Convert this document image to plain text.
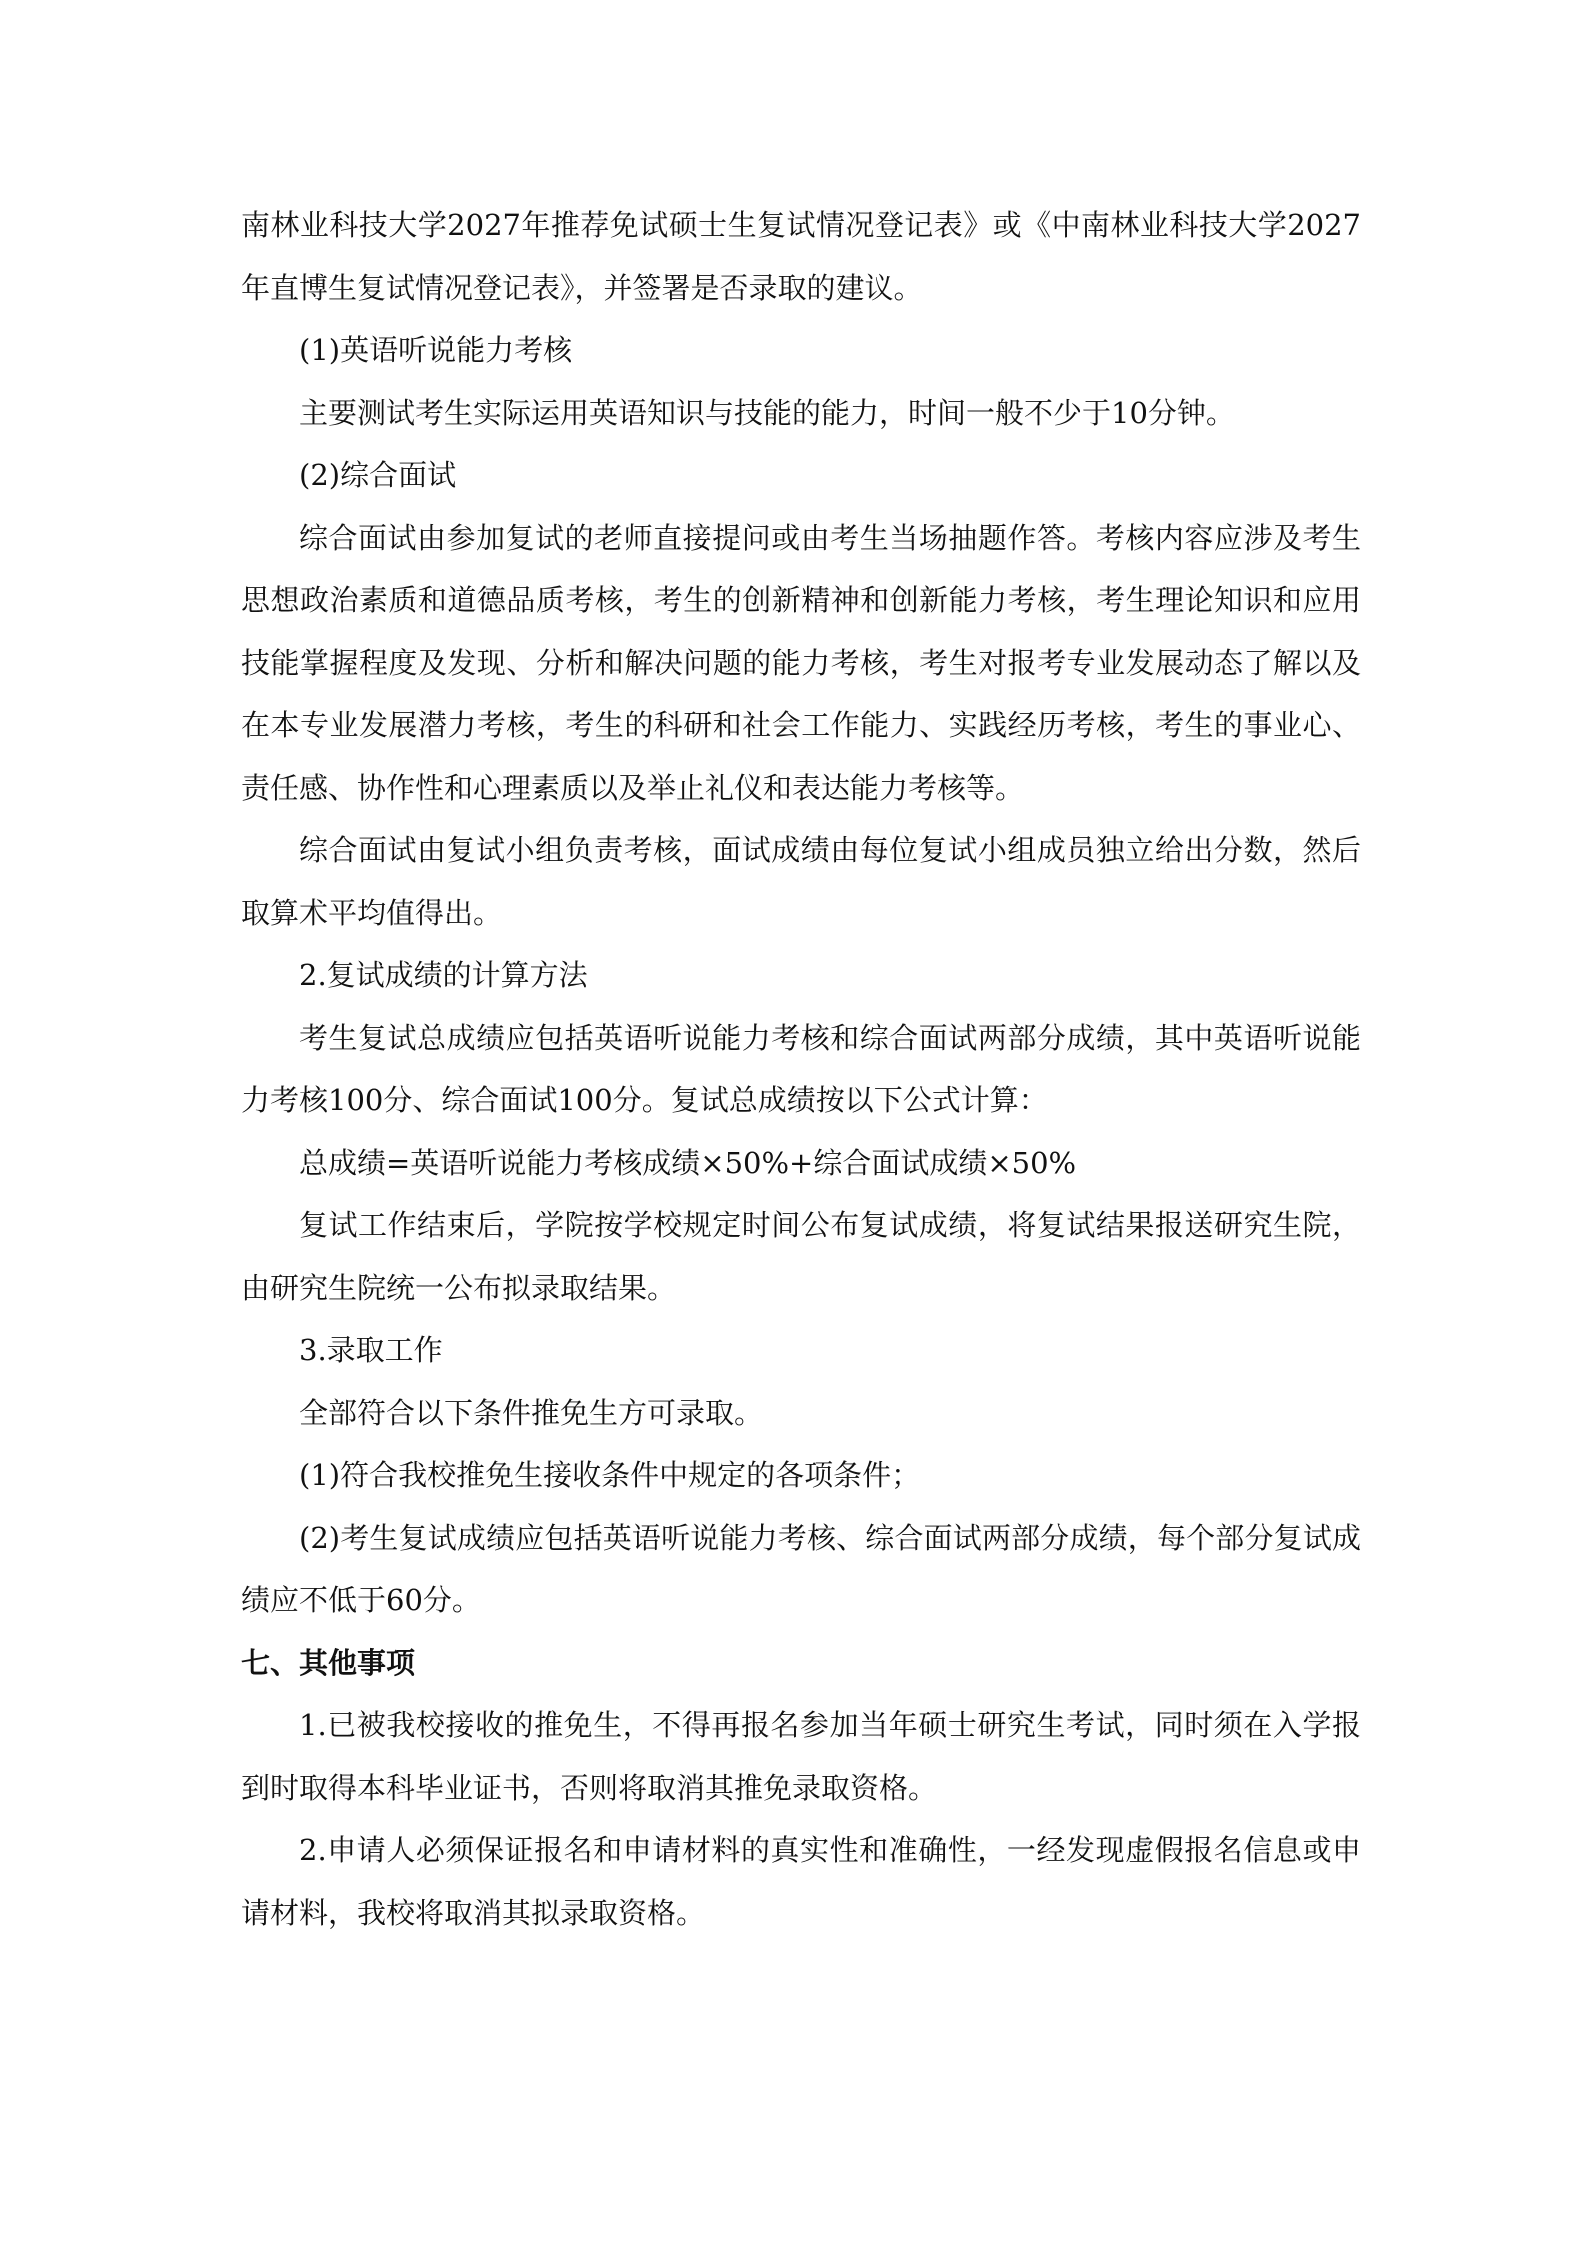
南林业科技大学2027年推荐免试硕士生复试情况登记表》或《中南林业科技大学2027年直博生复试情况登记表》，并签署是否录取的建议。

(1)英语听说能力考核

主要测试考生实际运用英语知识与技能的能力，时间一般不少于10分钟。

(2)综合面试

综合面试由参加复试的老师直接提问或由考生当场抽题作答。考核内容应涉及考生思想政治素质和道德品质考核，考生的创新精神和创新能力考核，考生理论知识和应用技能掌握程度及发现、分析和解决问题的能力考核，考生对报考专业发展动态了解以及在本专业发展潜力考核，考生的科研和社会工作能力、实践经历考核，考生的事业心、责任感、协作性和心理素质以及举止礼仪和表达能力考核等。

综合面试由复试小组负责考核，面试成绩由每位复试小组成员独立给出分数，然后取算术平均值得出。

2.复试成绩的计算方法

考生复试总成绩应包括英语听说能力考核和综合面试两部分成绩，其中英语听说能力考核100分、综合面试100分。复试总成绩按以下公式计算：

总成绩=英语听说能力考核成绩×50%+综合面试成绩×50%

复试工作结束后，学院按学校规定时间公布复试成绩，将复试结果报送研究生院，由研究生院统一公布拟录取结果。

3.录取工作

全部符合以下条件推免生方可录取。

(1)符合我校推免生接收条件中规定的各项条件；

(2)考生复试成绩应包括英语听说能力考核、综合面试两部分成绩，每个部分复试成绩应不低于60分。

七、其他事项

1.已被我校接收的推免生，不得再报名参加当年硕士研究生考试，同时须在入学报到时取得本科毕业证书，否则将取消其推免录取资格。

2.申请人必须保证报名和申请材料的真实性和准确性，一经发现虚假报名信息或申请材料，我校将取消其拟录取资格。
